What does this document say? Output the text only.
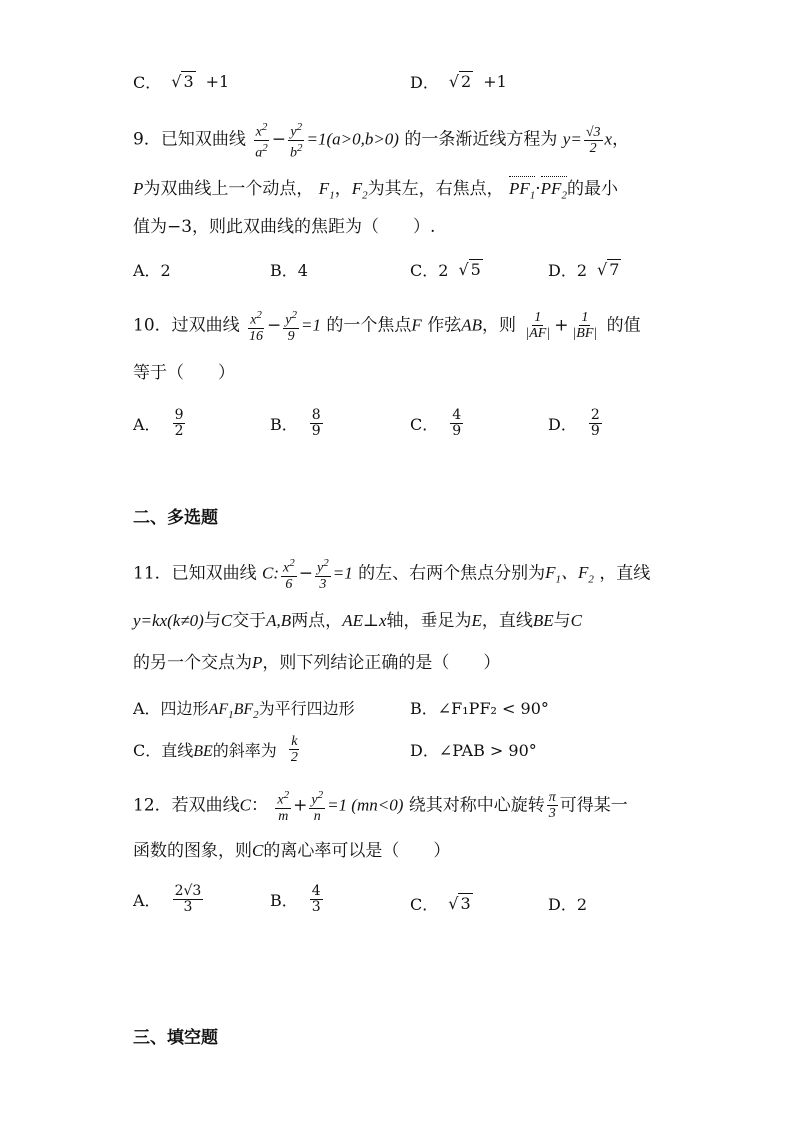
C． √ 3 +1	D． √ 2 +1
9．已知双曲线 $\frac{x^2}{a^2} - \frac{y^2}{b^2} =1(a>0,b>0)$ 的一条渐近线方程为 $y= \frac{√3}{2}$ x，
P为双曲线上一个动点， $F_1$，$F_2$为其左，右焦点， $PF_1\cdot PF_2$的最小
值为−3，则此双曲线的焦距为（　　）.
A．2	B．4	C．2 √ 5	D．2 √ 7
10．过双曲线 $\frac{x^2}{16} - \frac{y^2}{9} =1$ 的一个焦点F 作弦AB，则 $\frac{1}{|AF|} + \frac{1}{|BF|}$ 的值
等于（　　）
A． $\frac{9}{2}$	B． $\frac{8}{9}$	C． $\frac{4}{9}$	D． $\frac{2}{9}$
二、多选题
11．已知双曲线 C: $\frac{x^2}{6} - \frac{y^2}{3} =1$ 的左、右两个焦点分别为$F_1$、$F_2$ ，直线
y=kx(k≠0)与C交于A,B两点，AE⊥x轴，垂足为E，直线BE与C
的另一个交点为P，则下列结论正确的是（　　）
A．四边形$AF_1BF_2$为平行四边形	B．∠F₁PF₂ < 90°
C．直线BE的斜率为 $\frac{k}{2}$	D．∠PAB > 90°
12．若双曲线C： $\frac{x^2}{m} + \frac{y^2}{n} =1$ (mn<0) 绕其对称中心旋转 $\frac{\pi}{3}$ 可得某一
函数的图象，则C的离心率可以是（　　）
A． $\frac{2√3}{3}$	B． $\frac{4}{3}$	C． √ 3	D．2
三、填空题
